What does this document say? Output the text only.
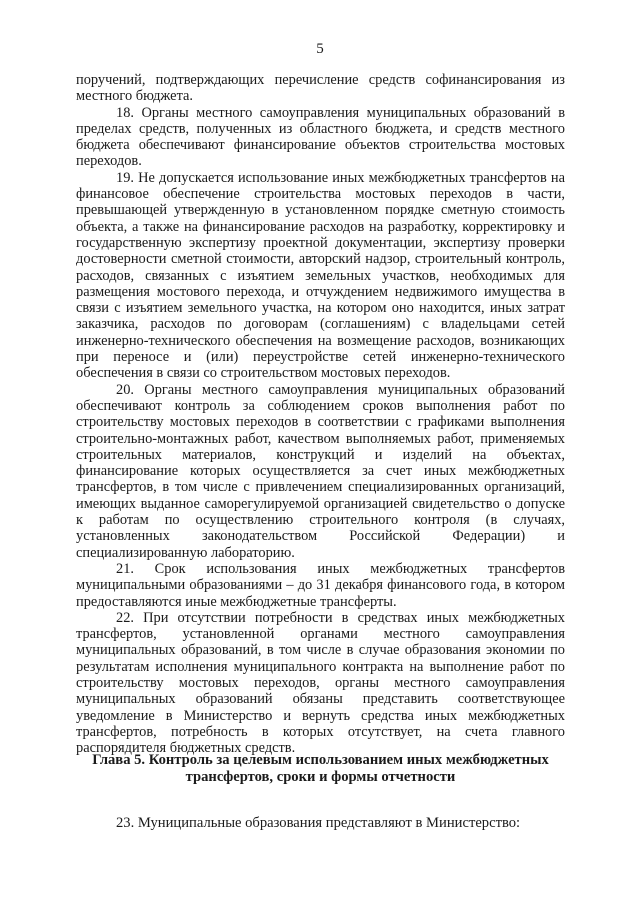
5

поручений, подтверждающих перечисление средств софинансирования из местного бюджета.

18. Органы местного самоуправления муниципальных образований в пределах средств, полученных из областного бюджета, и средств местного бюджета обеспечивают финансирование объектов строительства мостовых переходов.

19. Не допускается использование иных межбюджетных трансфертов на финансовое обеспечение строительства мостовых переходов в части, превышающей утвержденную в установленном порядке сметную стоимость объекта, а также на финансирование расходов на разработку, корректировку и государственную экспертизу проектной документации, экспертизу проверки достоверности сметной стоимости, авторский надзор, строительный контроль, расходов, связанных с изъятием земельных участков, необходимых для размещения мостового перехода, и отчуждением недвижимого имущества в связи с изъятием земельного участка, на котором оно находится, иных затрат заказчика, расходов по договорам (соглашениям) с владельцами сетей инженерно-технического обеспечения на возмещение расходов, возникающих при переносе и (или) переустройстве сетей инженерно-технического обеспечения в связи со строительством мостовых переходов.

20. Органы местного самоуправления муниципальных образований обеспечивают контроль за соблюдением сроков выполнения работ по строительству мостовых переходов в соответствии с графиками выполнения строительно-монтажных работ, качеством выполняемых работ, применяемых строительных материалов, конструкций и изделий на объектах, финансирование которых осуществляется за счет иных межбюджетных трансфертов, в том числе с привлечением специализированных организаций, имеющих выданное саморегулируемой организацией свидетельство о допуске к работам по осуществлению строительного контроля (в случаях, установленных законодательством Российской Федерации) и специализированную лабораторию.

21. Срок использования иных межбюджетных трансфертов муниципальными образованиями – до 31 декабря финансового года, в котором предоставляются иные межбюджетные трансферты.

22. При отсутствии потребности в средствах иных межбюджетных трансфертов, установленной органами местного самоуправления муниципальных образований, в том числе в случае образования экономии по результатам исполнения муниципального контракта на выполнение работ по строительству мостовых переходов, органы местного самоуправления муниципальных образований обязаны представить соответствующее уведомление в Министерство и вернуть средства иных межбюджетных трансфертов, потребность в которых отсутствует, на счета главного распорядителя бюджетных средств.

Глава 5. Контроль за целевым использованием иных межбюджетных
трансфертов, сроки и формы отчетности
23. Муниципальные образования представляют в Министерство:
